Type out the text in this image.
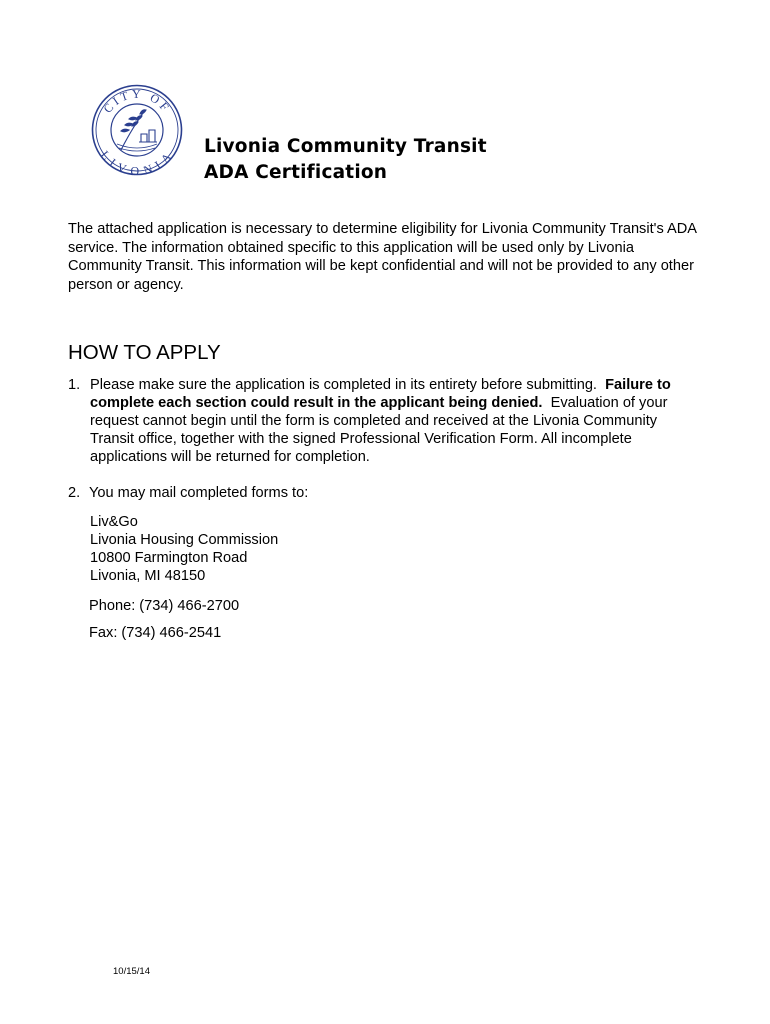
CITY OF
LIVONIA Livonia Community Transit
ADA Certification

The attached application is necessary to determine eligibility for Livonia Community Transit's ADA service. The information obtained specific to this application will be used only by Livonia Community Transit. This information will be kept confidential and will not be provided to any other person or agency.

HOW TO APPLY
1. Please make sure the application is completed in its entirety before submitting. Failure to complete each section could result in the applicant being denied. Evaluation of your request cannot begin until the form is completed and received at the Livonia Community Transit office, together with the signed Professional Verification Form. All incomplete applications will be returned for completion.

2. You may mail completed forms to:

Liv&Go
Livonia Housing Commission
10800 Farmington Road
Livonia, MI 48150
Phone: (734) 466-2700
Fax: (734) 466-2541
10/15/14
